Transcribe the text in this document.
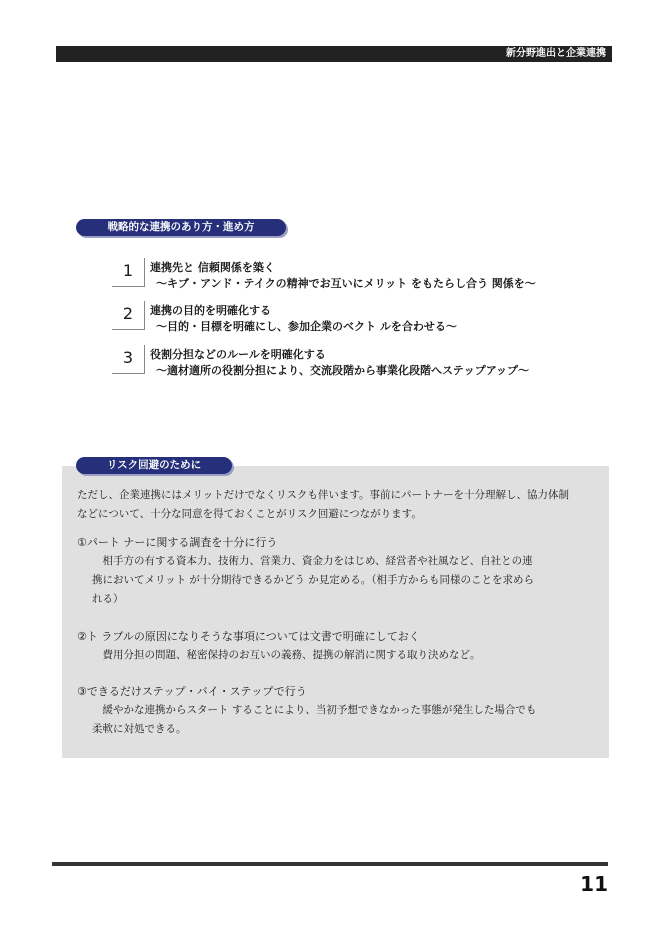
新分野進出と企業連携
戦略的な連携のあり方・進め方
1	連携先と 信頼関係を築く
～キブ・アンド・テイクの精神でお互いにメリット をもたらし合う 関係を～
2	連携の目的を明確化する
～目的・目標を明確にし、参加企業のベクト ルを合わせる～
3	役割分担などのルールを明確化する
～適材適所の役割分担により、交流段階から事業化段階へステップアップ～
リスク回避のために
ただし、企業連携にはメリットだけでなくリスクも伴います。事前にパートナーを十分理解し、協力体制
などについて、十分な同意を得ておくことがリスク回避につながります。
①パート ナーに関する調査を十分に行う
　相手方の有する資本力、技術力、営業力、資金力をはじめ、経営者や社風など、自社との連
携においてメリット が十分期待できるかどう か見定める。（相手方からも同様のことを求めら
れる）
②ト ラブルの原因になりそうな事項については文書で明確にしておく
　費用分担の問題、秘密保持のお互いの義務、提携の解消に関する取り決めなど。
③できるだけステップ・バイ・ステップで行う
　緩やかな連携からスタート することにより、当初予想できなかった事態が発生した場合でも
柔軟に対処できる。
11
